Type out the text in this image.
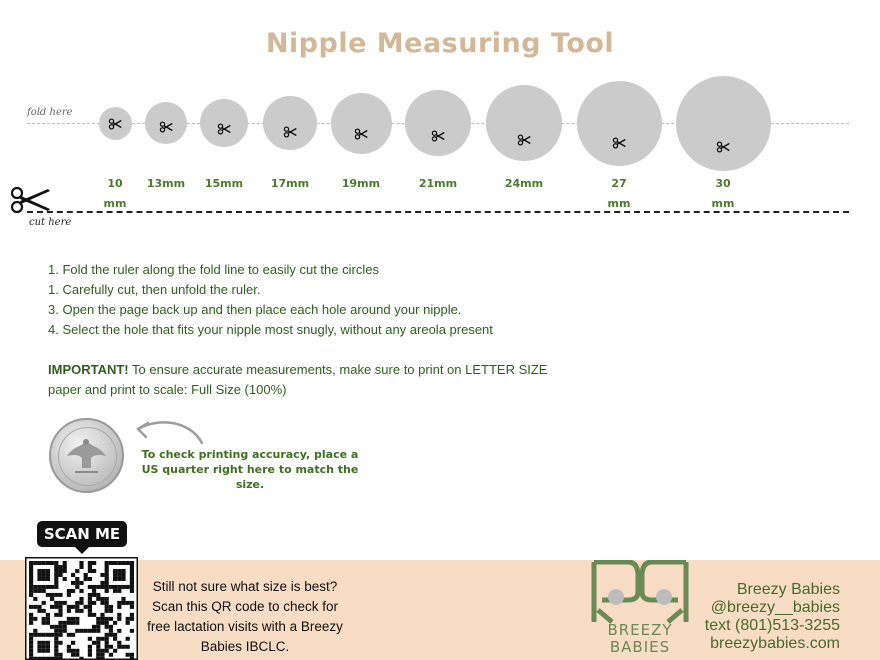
Nipple Measuring Tool
fold here
10mm
13mm 15mm	17mm	19mm	21mm	24mm	27mm
30mm
cut here

1. Fold the ruler along the fold line to easily cut the circles

1. Carefully cut, then unfold the ruler.

3. Open the page back up and then place each hole around your nipple.

4. Select the hole that fits your nipple most snugly, without any areola present

IMPORTANT! To ensure accurate measurements, make sure to print on LETTER SIZE paper and print to scale: Full Size (100%)
To check printing accuracy, place a US quarter right here to match the size.
SCAN ME
Still not sure what size is best? Scan this QR code to check for free lactation visits with a Breezy Babies IBCLC.
BREEZY
BABIES
Breezy Babies
@breezy__babies
text (801)513-3255
breezybabies.com
